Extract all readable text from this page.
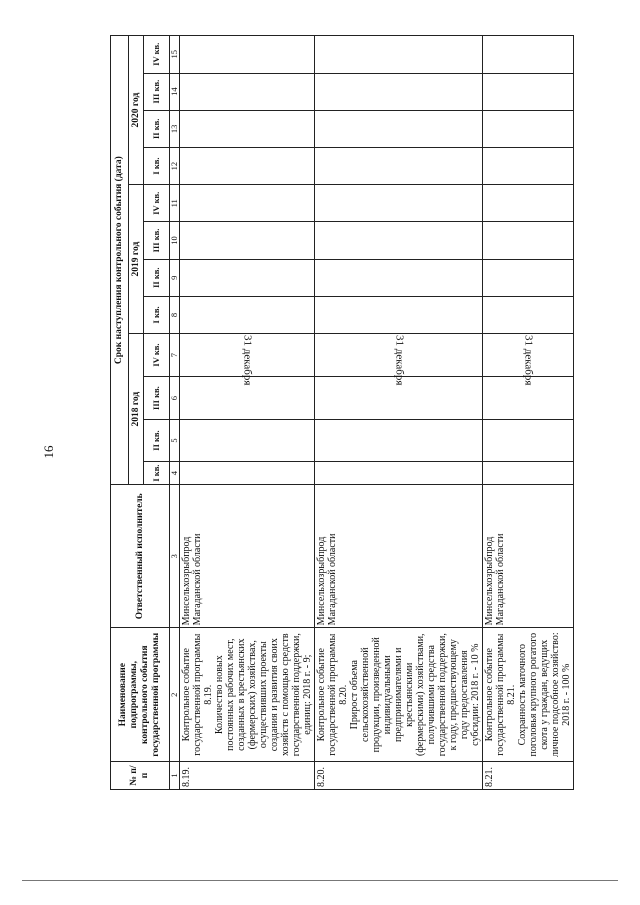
16
№ п/п	Наименование подпрограммы, контрольного события государственной программы	Ответственный исполнитель	Срок наступления контрольного события (дата)											
			2018 год				2019 год				2020 год			
			I кв.	II кв.	III кв.	IV кв.	I кв.	II кв.	III кв.	IV кв.	I кв.	II кв.	III кв.	IV кв.
1	2	3	4	5	6	7	8	9	10	11	12	13	14	15
8.19.	Контрольное событие государственной программы 8.19. Количество новых постоянных рабочих мест, созданных в крестьянских (фермерских) хозяйствах, осуществивших проекты создания и развития своих хозяйств с помощью средств государственной поддержки, единиц: 2018 г. - 9;	Минсельхозрыбпрод Магаданской области				31 декабря								

8.20.	Контрольное событие государственной программы 8.20. Прирост объема сельскохозяйственной продукции, произведенной индивидуальными предпринимателями и крестьянскими (фермерскими) хозяйствами, получившими средства государственной поддержки, к году, предшествующему году предоставления субсидии: 2018 г. - 10 %	Минсельхозрыбпрод Магаданской области				31 декабря								

8.21.	Контрольное событие государственной программы 8.21. Сохранность маточного поголовья крупного рогатого скота у граждан, ведущих личное подсобное хозяйство: 2018 г. - 100 %	Минсельхозрыбпрод Магаданской области				31 декабря								
